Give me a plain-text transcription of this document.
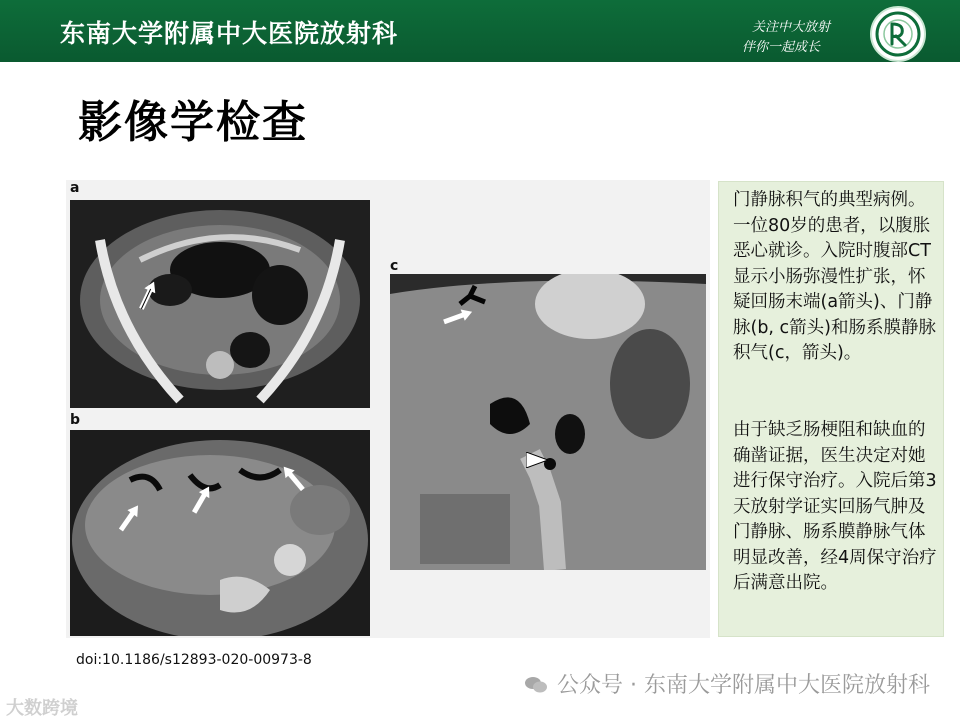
东南大学附属中大医院放射科	关注中大放射
伴你一起成长
影像学检查
a
b
c
门静脉积气的典型病例。一位80岁的患者，以腹胀恶心就诊。入院时腹部CT显示小肠弥漫性扩张，怀疑回肠末端(a箭头)、门静脉(b, c箭头)和肠系膜静脉积气(c，箭头)。
由于缺乏肠梗阻和缺血的确凿证据，医生决定对她进行保守治疗。入院后第3天放射学证实回肠气肿及门静脉、肠系膜静脉气体明显改善，经4周保守治疗后满意出院。
doi:10.1186/s12893-020-00973-8
公众号 · 东南大学附属中大医院放射科
大数跨境
